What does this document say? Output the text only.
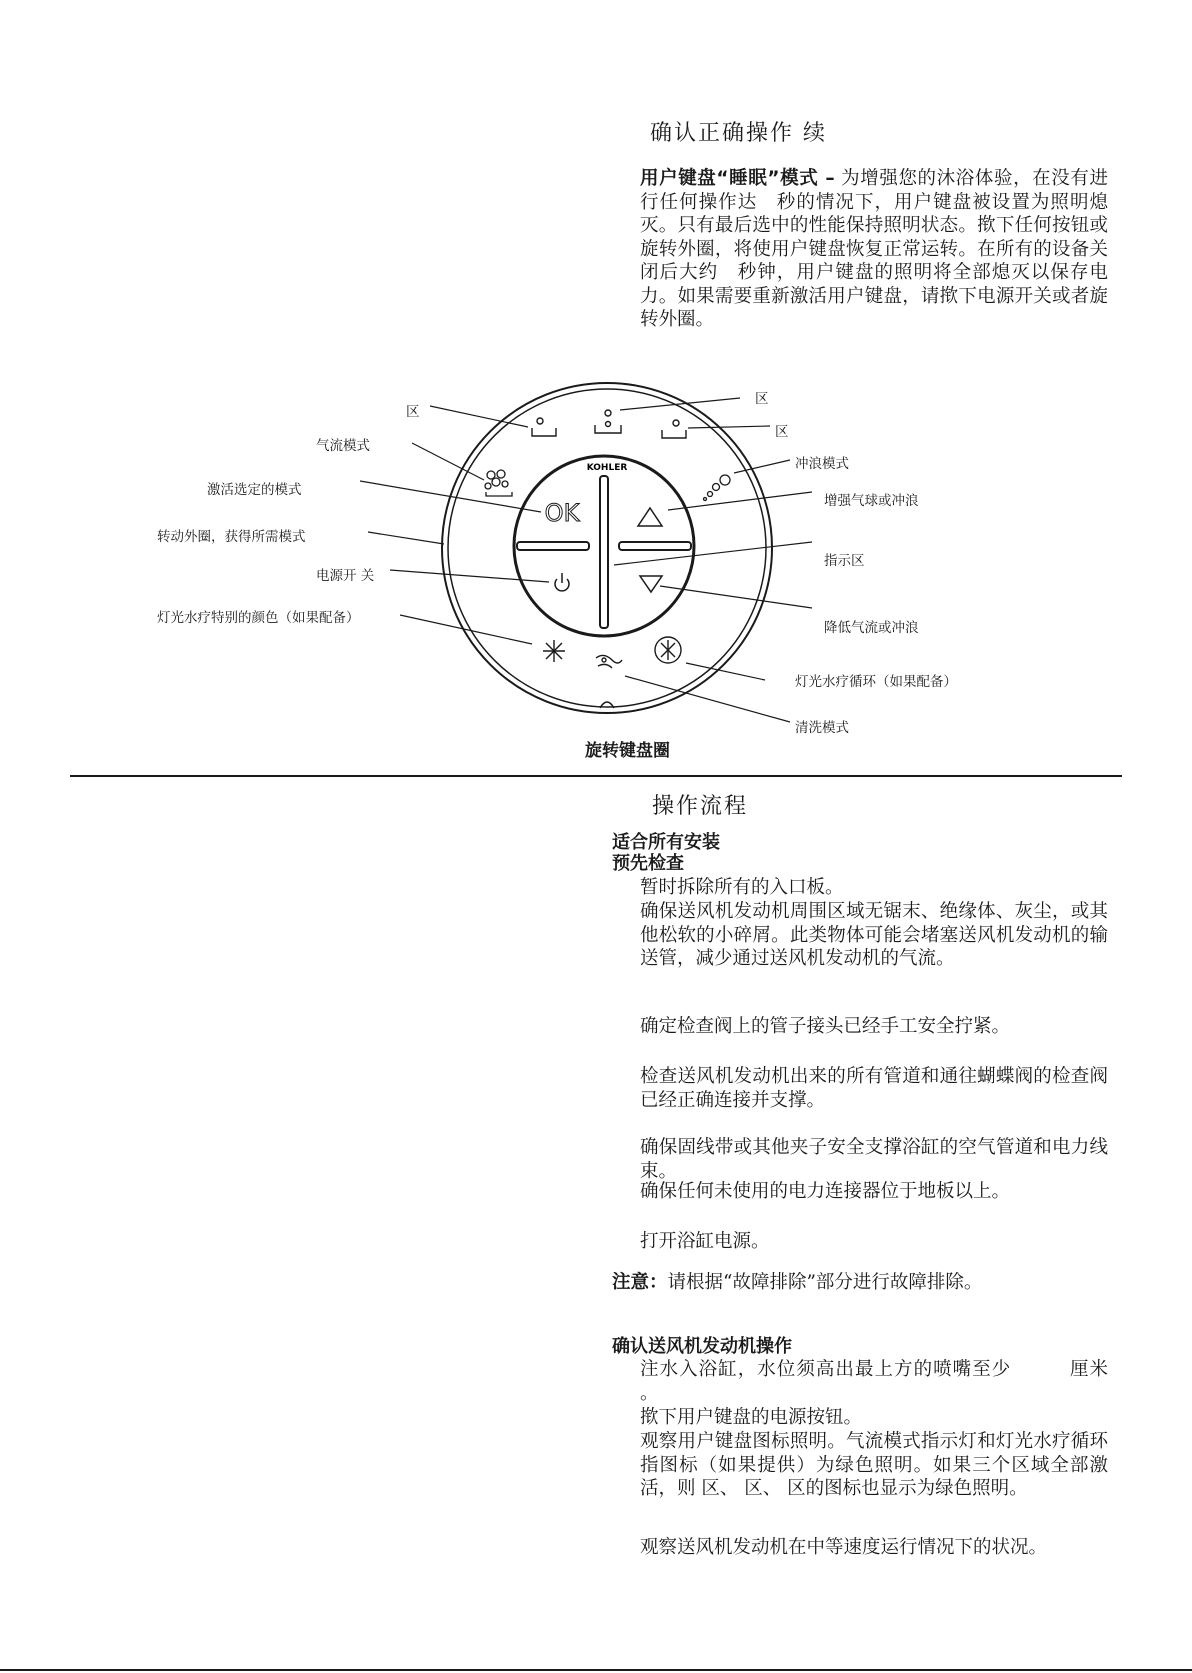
确认正确操作 续

用户键盘“睡眠”模式 – 为增强您的沐浴体验，在没有进行任何操作达　秒的情况下，用户键盘被设置为照明熄灭。只有最后选中的性能保持照明状态。揿下任何按钮或旋转外圈，将使用户键盘恢复正常运转。在所有的设备关闭后大约　秒钟，用户键盘的照明将全部熄灭以保存电力。如果需要重新激活用户键盘，请揿下电源开关或者旋转外圈。

KOHLER
OK
区
区
区
气流模式
激活选定的模式
转动外圈，获得所需模式
电源开 关
灯光水疗特别的颜色（如果配备）
冲浪模式
增强气球或冲浪
指示区
降低气流或冲浪
灯光水疗循环（如果配备）
清洗模式
旋转键盘圈
操作流程

适合所有安装

预先检查

暂时拆除所有的入口板。

确保送风机发动机周围区域无锯末、绝缘体、灰尘，或其他松软的小碎屑。此类物体可能会堵塞送风机发动机的输送管，减少通过送风机发动机的气流。

确定检查阀上的管子接头已经手工安全拧紧。

检查送风机发动机出来的所有管道和通往蝴蝶阀的检查阀已经正确连接并支撑。

确保固线带或其他夹子安全支撑浴缸的空气管道和电力线束。

确保任何未使用的电力连接器位于地板以上。

打开浴缸电源。

注意：请根据“故障排除”部分进行故障排除。

确认送风机发动机操作

注水入浴缸，水位须高出最上方的喷嘴至少　　　厘米 。

揿下用户键盘的电源按钮。

观察用户键盘图标照明。气流模式指示灯和灯光水疗循环指图标（如果提供）为绿色照明。如果三个区域全部激活，则 区、 区、 区的图标也显示为绿色照明。

观察送风机发动机在中等速度运行情况下的状况。
